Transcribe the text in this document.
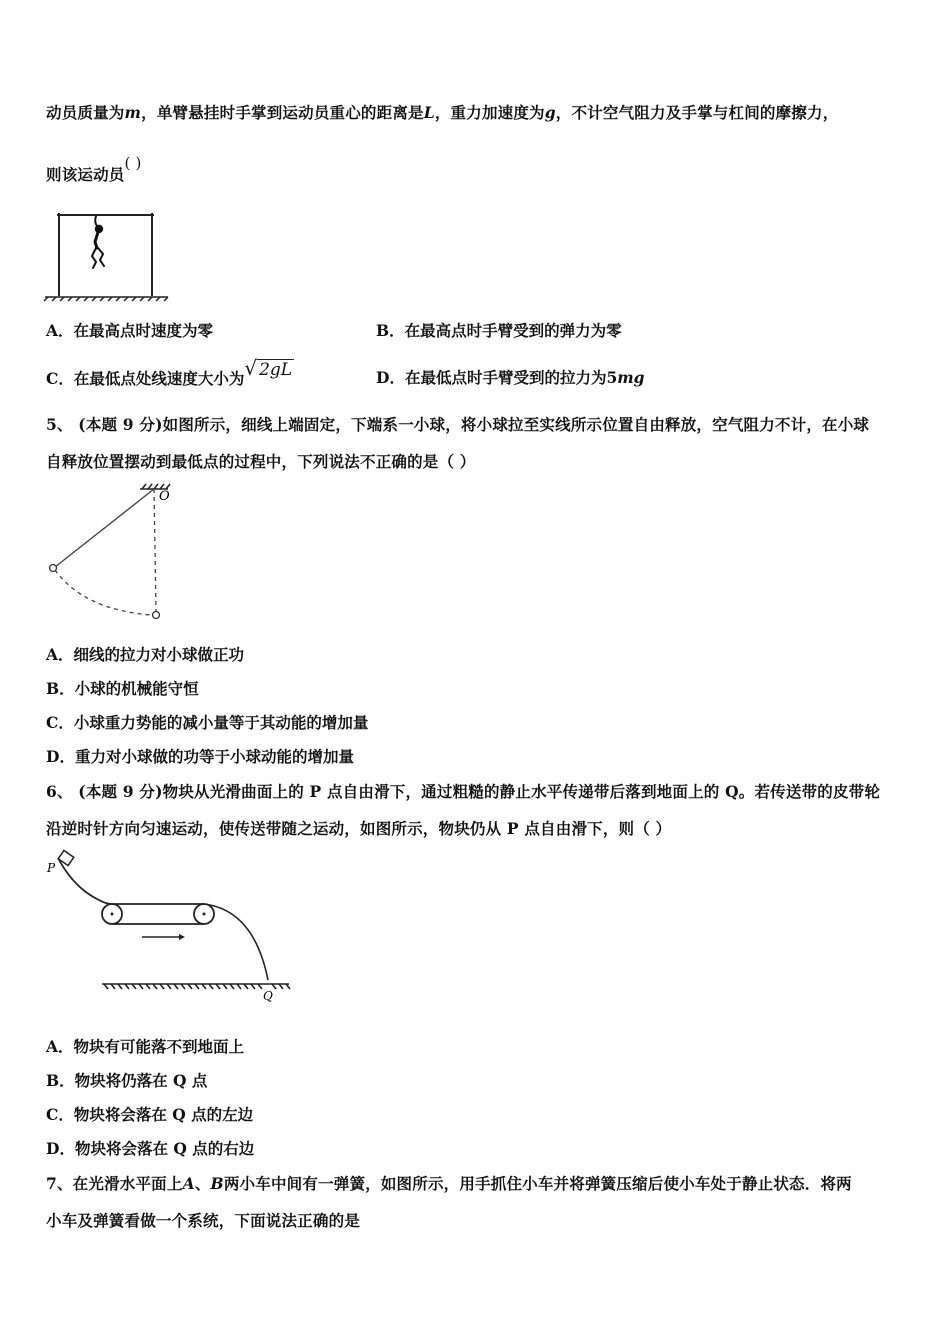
动员质量为m，单臂悬挂时手掌到运动员重心的距离是L，重力加速度为g，不计空气阻力及手掌与杠间的摩擦力，
则该运动员( )
A．在最高点时速度为零	B．在最高点时手臂受到的弹力为零
C．在最低点处线速度大小为√ 2gL	D．在最低点时手臂受到的拉力为5mg
5、 (本题 9 分)如图所示，细线上端固定，下端系一小球，将小球拉至实线所示位置自由释放，空气阻力不计，在小球
自释放位置摆动到最低点的过程中，下列说法不正确的是（ ）
O
A．细线的拉力对小球做正功
B．小球的机械能守恒
C．小球重力势能的减小量等于其动能的增加量
D．重力对小球做的功等于小球动能的增加量
6、 (本题 9 分)物块从光滑曲面上的 P 点自由滑下，通过粗糙的静止水平传递带后落到地面上的 Q。若传送带的皮带轮
沿逆时针方向匀速运动，使传送带随之运动，如图所示，物块仍从 P 点自由滑下，则（ ）
P
Q
A．物块有可能落不到地面上
B．物块将仍落在 Q 点
C．物块将会落在 Q 点的左边
D．物块将会落在 Q 点的右边
7、在光滑水平面上A、B两小车中间有一弹簧，如图所示，用手抓住小车并将弹簧压缩后使小车处于静止状态．将两
小车及弹簧看做一个系统，下面说法正确的是
